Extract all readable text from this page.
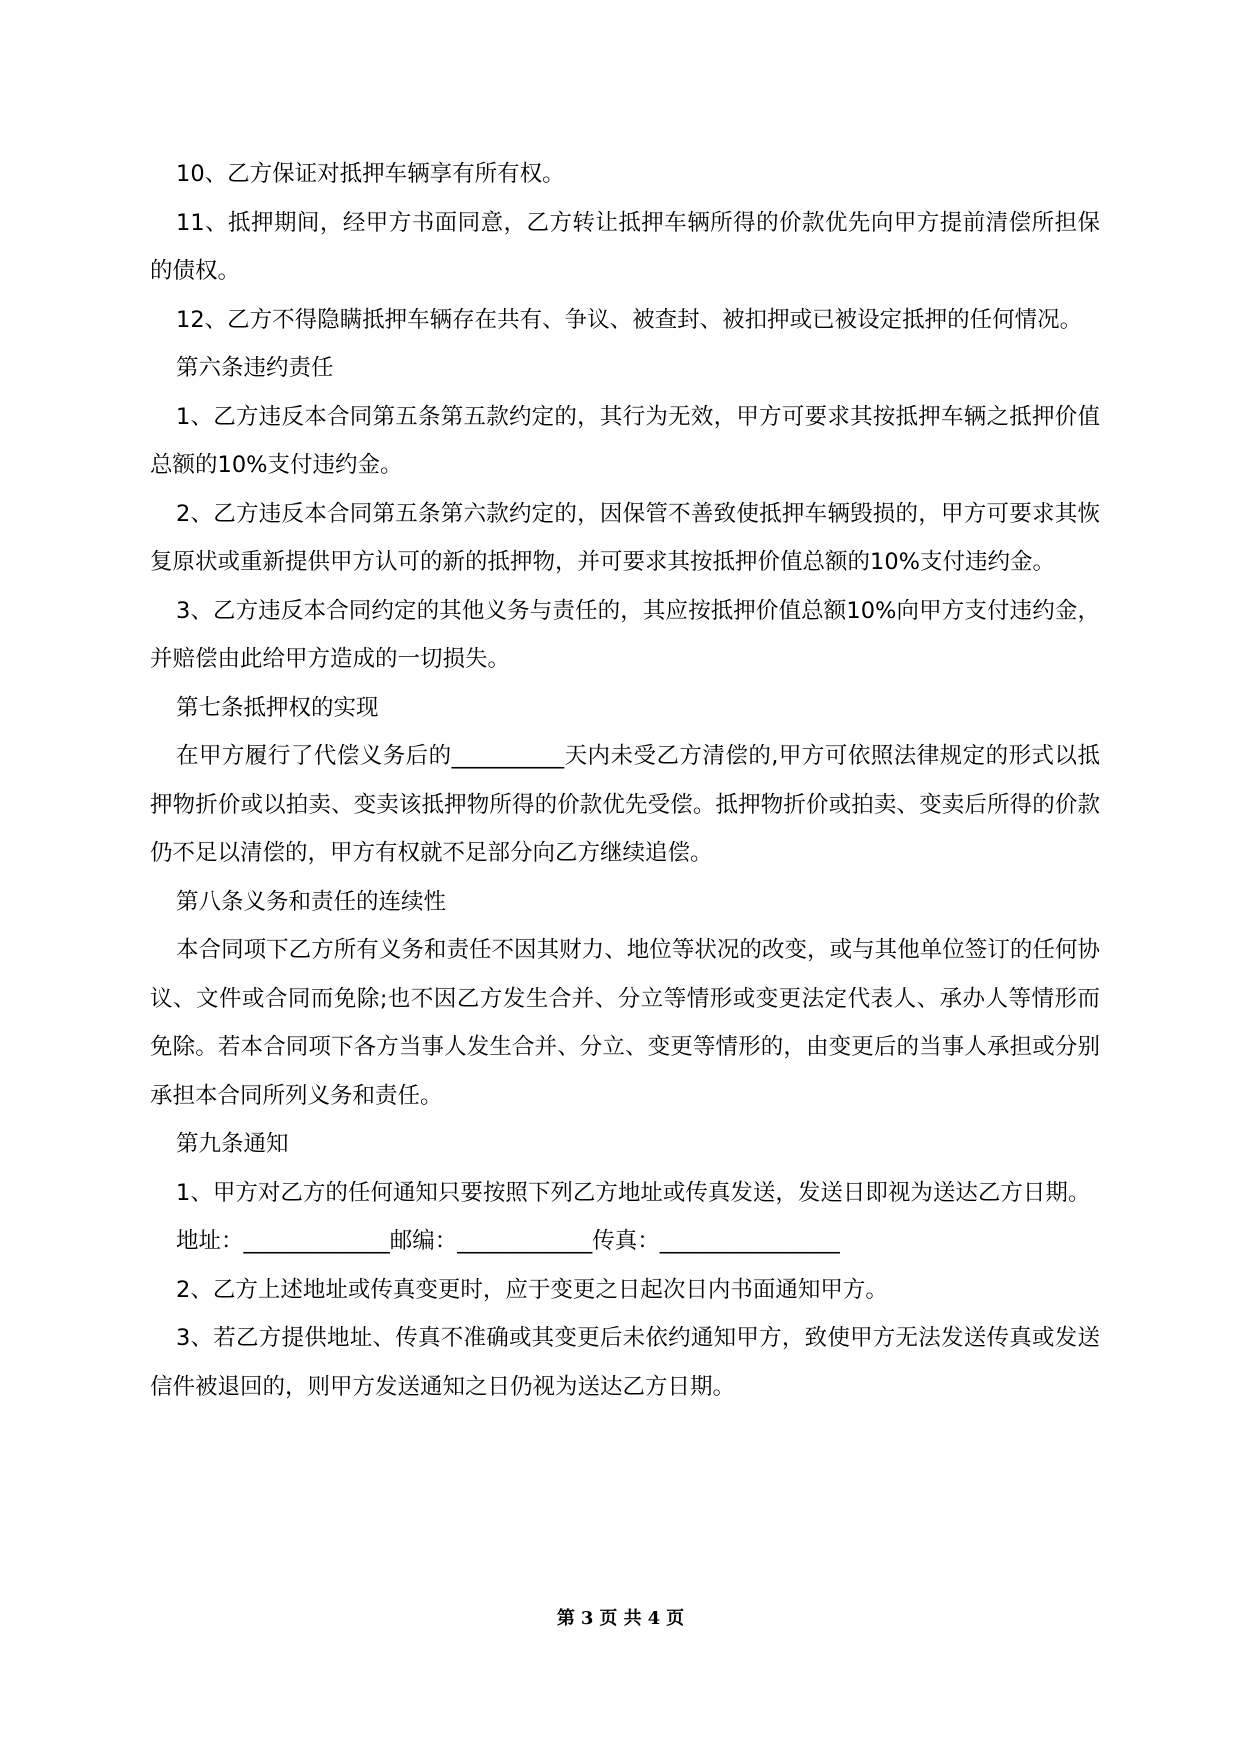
10、乙方保证对抵押车辆享有所有权。

11、抵押期间，经甲方书面同意，乙方转让抵押车辆所得的价款优先向甲方提前清偿所担保的债权。

12、乙方不得隐瞒抵押车辆存在共有、争议、被查封、被扣押或已被设定抵押的任何情况。

第六条违约责任

1、乙方违反本合同第五条第五款约定的，其行为无效，甲方可要求其按抵押车辆之抵押价值总额的10%支付违约金。

2、乙方违反本合同第五条第六款约定的，因保管不善致使抵押车辆毁损的，甲方可要求其恢复原状或重新提供甲方认可的新的抵押物，并可要求其按抵押价值总额的10%支付违约金。

3、乙方违反本合同约定的其他义务与责任的，其应按抵押价值总额10%向甲方支付违约金，并赔偿由此给甲方造成的一切损失。

第七条抵押权的实现

在甲方履行了代偿义务后的__________天内未受乙方清偿的,甲方可依照法律规定的形式以抵押物折价或以拍卖、变卖该抵押物所得的价款优先受偿。抵押物折价或拍卖、变卖后所得的价款仍不足以清偿的，甲方有权就不足部分向乙方继续追偿。

第八条义务和责任的连续性

本合同项下乙方所有义务和责任不因其财力、地位等状况的改变，或与其他单位签订的任何协议、文件或合同而免除;也不因乙方发生合并、分立等情形或变更法定代表人、承办人等情形而免除。若本合同项下各方当事人发生合并、分立、变更等情形的，由变更后的当事人承担或分别承担本合同所列义务和责任。

第九条通知

1、甲方对乙方的任何通知只要按照下列乙方地址或传真发送，发送日即视为送达乙方日期。

地址：_____________邮编：____________传真：________________

2、乙方上述地址或传真变更时，应于变更之日起次日内书面通知甲方。

3、若乙方提供地址、传真不准确或其变更后未依约通知甲方，致使甲方无法发送传真或发送信件被退回的，则甲方发送通知之日仍视为送达乙方日期。

第 3 页 共 4 页
